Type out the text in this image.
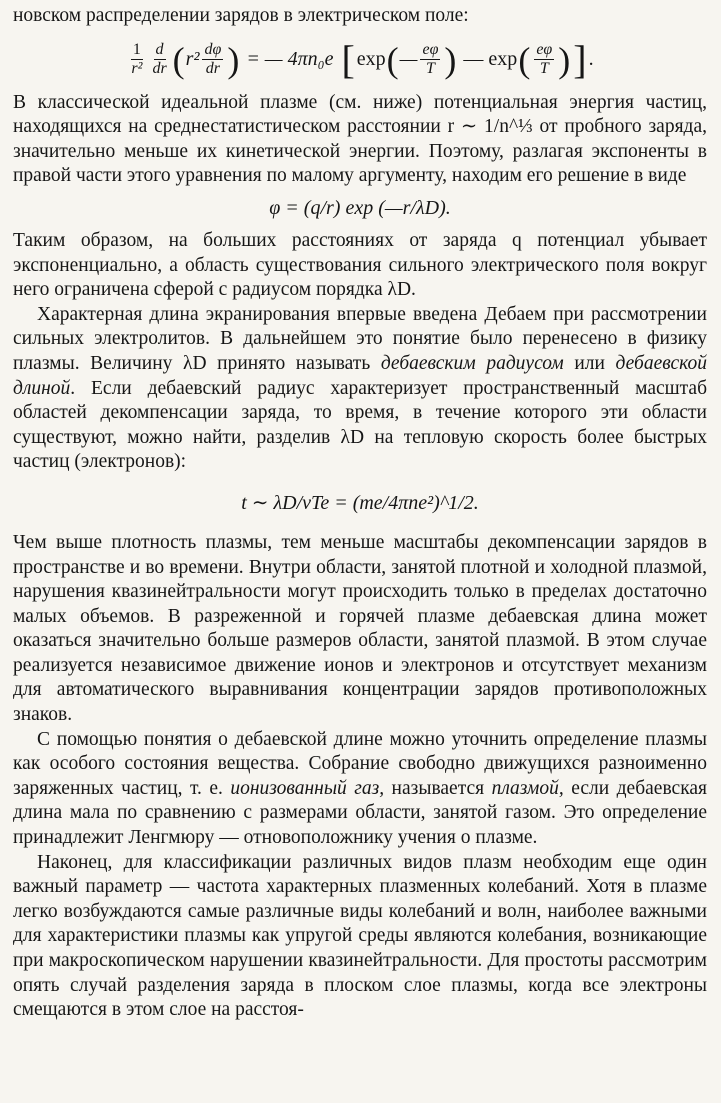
новском распределении зарядов в электрическом поле:

$\frac{1}{\text{r²}} \frac{d}{dr}$ ( $r^2 \frac{d\varphi}{dr}$ ) = — 4πn₀e [ exp ( — $\frac{e\varphi}{T}$ ) — exp ( $\frac{e\varphi}{T}$ ) ] .

В классической идеальной плазме (см. ниже) потенциальная энергия частиц, находящихся на среднестатистическом расстоянии r ∼ 1/n^⅓ от пробного заряда, значительно меньше их кинетической энергии. Поэтому, разлагая экспоненты в правой части этого уравнения по малому аргументу, находим его решение в виде

φ = (q/r) exp (—r/λD).

Таким образом, на больших расстояниях от заряда q потенциал убывает экспоненциально, а область существования сильного электрического поля вокруг него ограничена сферой с радиусом порядка λD.

Характерная длина экранирования впервые введена Дебаем при рассмотрении сильных электролитов. В дальнейшем это понятие было перенесено в физику плазмы. Величину λD принято называть дебаевским радиусом или дебаевской длиной. Если дебаевский радиус характеризует пространственный масштаб областей декомпенсации заряда, то время, в течение которого эти области существуют, можно найти, разделив λD на тепловую скорость более быстрых частиц (электронов):

t ∼ λD/vTe = (me/4πne²)^1/2.

Чем выше плотность плазмы, тем меньше масштабы декомпенсации зарядов в пространстве и во времени. Внутри области, занятой плотной и холодной плазмой, нарушения квазинейтральности могут происходить только в пределах достаточно малых объемов. В разреженной и горячей плазме дебаевская длина может оказаться значительно больше размеров области, занятой плазмой. В этом случае реализуется независимое движение ионов и электронов и отсутствует механизм для автоматического выравнивания концентрации зарядов противоположных знаков.

С помощью понятия о дебаевской длине можно уточнить определение плазмы как особого состояния вещества. Собрание свободно движущихся разноименно заряженных частиц, т. е. ионизованный газ, называется плазмой, если дебаевская длина мала по сравнению с размерами области, занятой газом. Это определение принадлежит Ленгмюру — отновоположнику учения о плазме.

Наконец, для классификации различных видов плазм необходим еще один важный параметр — частота характерных плазменных колебаний. Хотя в плазме легко возбуждаются самые различные виды колебаний и волн, наиболее важными для характеристики плазмы как упругой среды являются колебания, возникающие при макроскопическом нарушении квазинейтральности. Для простоты рассмотрим опять случай разделения заряда в плоском слое плазмы, когда все электроны смещаются в этом слое на расстоя-
